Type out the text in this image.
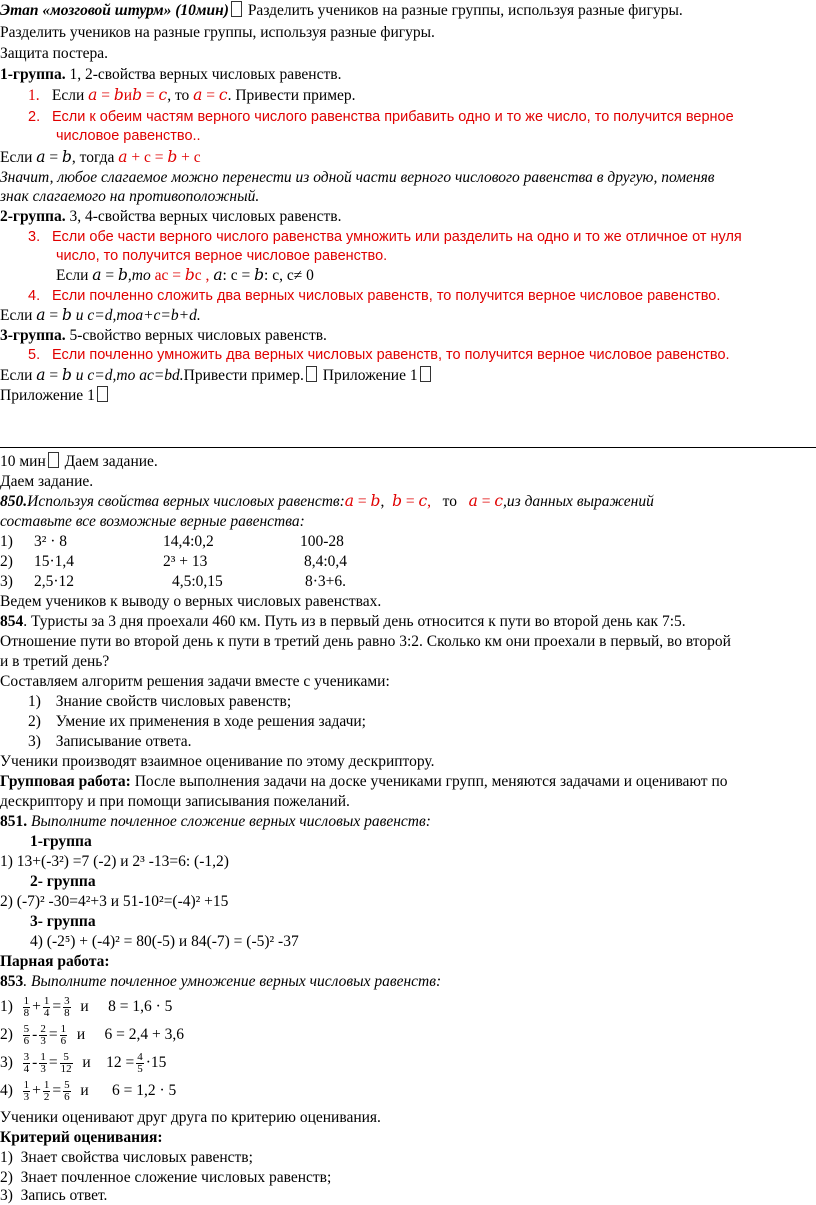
Этап «мозговой штурм» (10мин) Разделить учеников на разные группы, используя разные фигуры.
Разделить учеников на разные группы, используя разные фигуры.
Защита постера.
1-группа. 1, 2-свойства верных числовых равенств.
1. Если 𝑎 = 𝑏и𝑏 = 𝑐, то 𝑎 = 𝑐. Привести пример.
2. Если к обеим частям верного числого равенства прибавить одно и то же число, то получится верное
числовое равенство..
Если 𝑎 = 𝑏, тогда 𝑎 + с = 𝑏 + с
Значит, любое слагаемое можно перенести из одной части верного числового равенства в другую, поменяв
знак слагаемого на противоположный.
2-группа. 3, 4-свойства верных числовых равенств.
3. Если обе части верного числого равенства умножить или разделить на одно и то же отличное от нуля
число, то получится верное числовое равенство.
Если 𝑎 = 𝑏,то ас = 𝑏с , 𝑎: с = 𝑏: с, с≠ 0
4. Если почленно сложить два верных числовых равенств, то получится верное числовое равенство.
Если 𝑎 = 𝑏 и с=d,тоа+с=b+d.
3-группа. 5-свойство верных числовых равенств.
5. Если почленно умножить два верных числовых равенств, то получится верное числовое равенство.
Если 𝑎 = 𝑏 и с=d,то ас=bd.Привести пример. Приложение 1
Приложение 1
10 мин Даем задание.
Даем задание.
850.Используя свойства верных числовых равенств:𝑎 = 𝑏,  𝑏 = 𝑐, то 𝑎 = 𝑐,из данных выражений
составьте все возможные верные равенства:
1) 3² · 8	14,4:0,2	100-28
2) 15·1,4	2³ + 13	8,4:0,4
3) 2,5·12	4,5:0,15	8·3+6.
Ведем учеников к выводу о верных числовых равенствах.
854. Туристы за 3 дня проехали 460 км. Путь из в первый день относится к пути во второй день как 7:5.
Отношение пути во второй день к пути в третий день равно 3:2. Сколько км они проехали в первый, во второй
и в третий день?
Составляем алгоритм решения задачи вместе с учениками:
1) Знание свойств числовых равенств;
2) Умение их применения в ходе решения задачи;
3) Записывание ответа.
Ученики производят взаимное оценивание по этому дескриптору.
Групповая работа: После выполнения задачи на доске учениками групп, меняются задачами и оценивают по
дескриптору и при помощи записывания пожеланий.
851. Выполните почленное сложение верных числовых равенств:
1-группа
1) 13+(-3²) =7 (-2) и 2³ -13=6: (-1,2)
2- группа
2) (-7)² -30=4²+3 и 51-10²=(-4)² +15
3- группа
4) (-2⁵) + (-4)² = 80(-5) и 84(-7) = (-5)² -37
Парная работа:
853. Выполните почленное умножение верных числовых равенств:
$1) \frac{1}{8} + \frac{1}{4} = \frac{3}{8}$ и     8 = 1,6 · 5
$2) \frac{5}{6} - \frac{2}{3} = \frac{1}{6}$ и     6 = 2,4 + 3,6
$3) \frac{3}{4} - \frac{1}{3} = \frac{5}{12}$ и    $12 = \frac{4}{5} \cdot 15$
$4) \frac{1}{3} + \frac{1}{2} = \frac{5}{6}$ и      6 = 1,2 · 5
Ученики оценивают друг друга по критерию оценивания.
Критерий оценивания:
1) Знает свойства числовых равенств;
2) Знает почленное сложение числовых равенств;
3) Запись ответ.
